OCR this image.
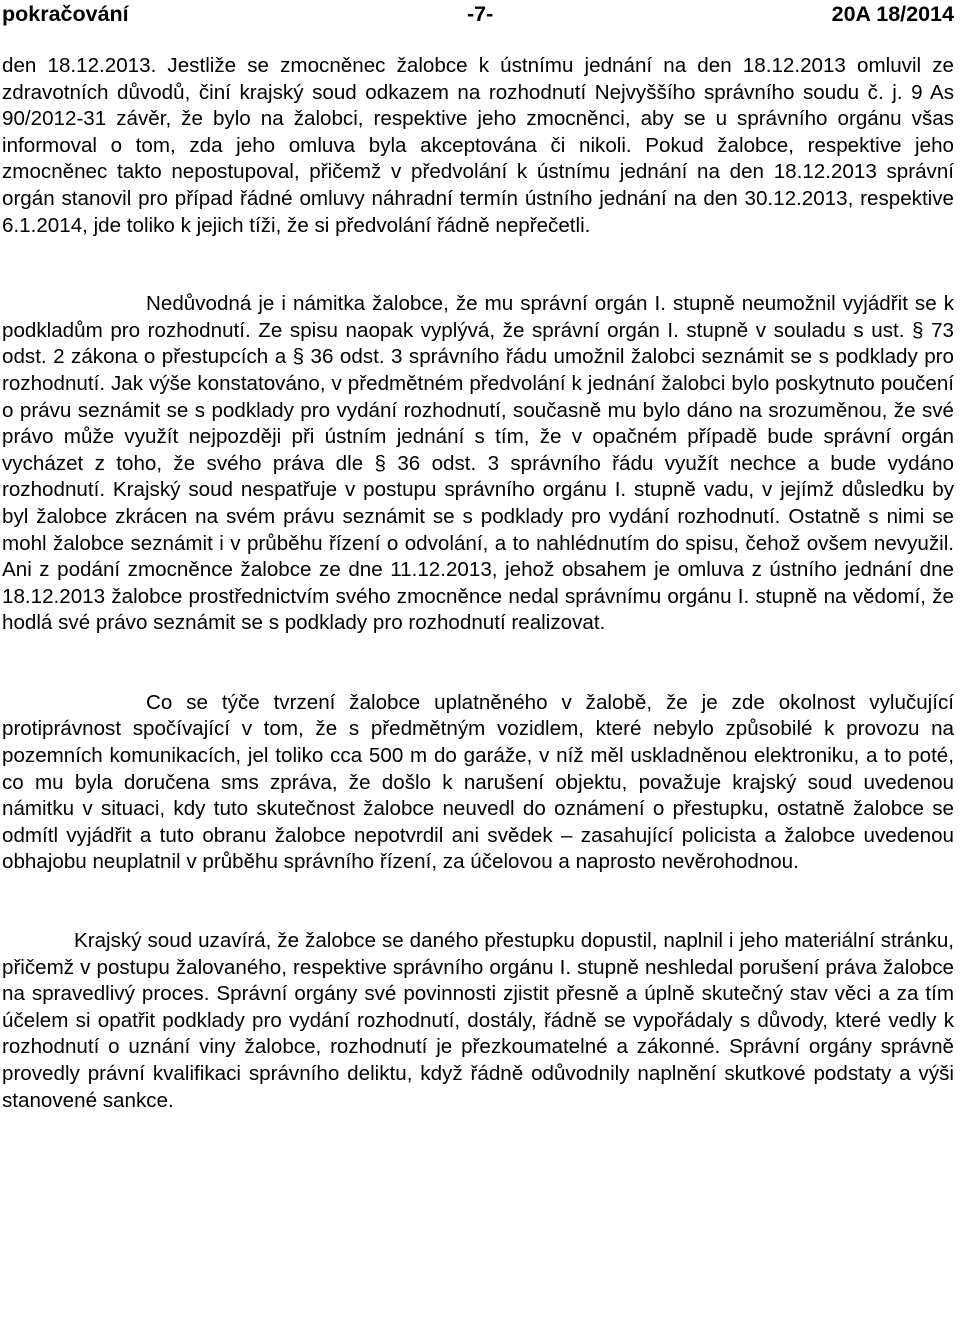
pokračování	-7-	20A 18/2014

den 18.12.2013. Jestliže se zmocněnec žalobce k ústnímu jednání na den 18.12.2013 omluvil ze zdravotních důvodů, činí krajský soud odkazem na rozhodnutí Nejvyššího správního soudu č. j. 9 As 90/2012-31 závěr, že bylo na žalobci, respektive jeho zmocněnci, aby se u správního orgánu všas informoval o tom, zda jeho omluva byla akceptována či nikoli. Pokud žalobce, respektive jeho zmocněnec takto nepostupoval, přičemž v předvolání k ústnímu jednání na den 18.12.2013 správní orgán stanovil pro případ řádné omluvy náhradní termín ústního jednání na den 30.12.2013, respektive 6.1.2014, jde toliko k jejich tíži, že si předvolání řádně nepřečetli.

Nedůvodná je i námitka žalobce, že mu správní orgán I. stupně neumožnil vyjádřit se k podkladům pro rozhodnutí. Ze spisu naopak vyplývá, že správní orgán I. stupně v souladu s ust. § 73 odst. 2 zákona o přestupcích a § 36 odst. 3 správního řádu umožnil žalobci seznámit se s podklady pro rozhodnutí. Jak výše konstatováno, v předmětném předvolání k jednání žalobci bylo poskytnuto poučení o právu seznámit se s podklady pro vydání rozhodnutí, současně mu bylo dáno na srozuměnou, že své právo může využít nejpozději při ústním jednání s tím, že v opačném případě bude správní orgán vycházet z toho, že svého práva dle § 36 odst. 3 správního řádu využít nechce a bude vydáno rozhodnutí. Krajský soud nespatřuje v postupu správního orgánu I. stupně vadu, v jejímž důsledku by byl žalobce zkrácen na svém právu seznámit se s podklady pro vydání rozhodnutí. Ostatně s nimi se mohl žalobce seznámit i v průběhu řízení o odvolání, a to nahlédnutím do spisu, čehož ovšem nevyužil. Ani z podání zmocněnce žalobce ze dne 11.12.2013, jehož obsahem je omluva z ústního jednání dne 18.12.2013 žalobce prostřednictvím svého zmocněnce nedal správnímu orgánu I. stupně na vědomí, že hodlá své právo seznámit se s podklady pro rozhodnutí realizovat.

Co se týče tvrzení žalobce uplatněného v žalobě, že je zde okolnost vylučující protiprávnost spočívající v tom, že s předmětným vozidlem, které nebylo způsobilé k provozu na pozemních komunikacích, jel toliko cca 500 m do garáže, v níž měl uskladněnou elektroniku, a to poté, co mu byla doručena sms zpráva, že došlo k narušení objektu, považuje krajský soud uvedenou námitku v situaci, kdy tuto skutečnost žalobce neuvedl do oznámení o přestupku, ostatně žalobce se odmítl vyjádřit a tuto obranu žalobce nepotvrdil ani svědek – zasahující policista a žalobce uvedenou obhajobu neuplatnil v průběhu správního řízení, za účelovou a naprosto nevěrohodnou.

Krajský soud uzavírá, že žalobce se daného přestupku dopustil, naplnil i jeho materiální stránku, přičemž v postupu žalovaného, respektive správního orgánu I. stupně neshledal porušení práva žalobce na spravedlivý proces. Správní orgány své povinnosti zjistit přesně a úplně skutečný stav věci a za tím účelem si opatřit podklady pro vydání rozhodnutí, dostály, řádně se vypořádaly s důvody, které vedly k rozhodnutí o uznání viny žalobce, rozhodnutí je přezkoumatelné a zákonné. Správní orgány správně provedly právní kvalifikaci správního deliktu, když řádně odůvodnily naplnění skutkové podstaty a výši stanovené sankce.
